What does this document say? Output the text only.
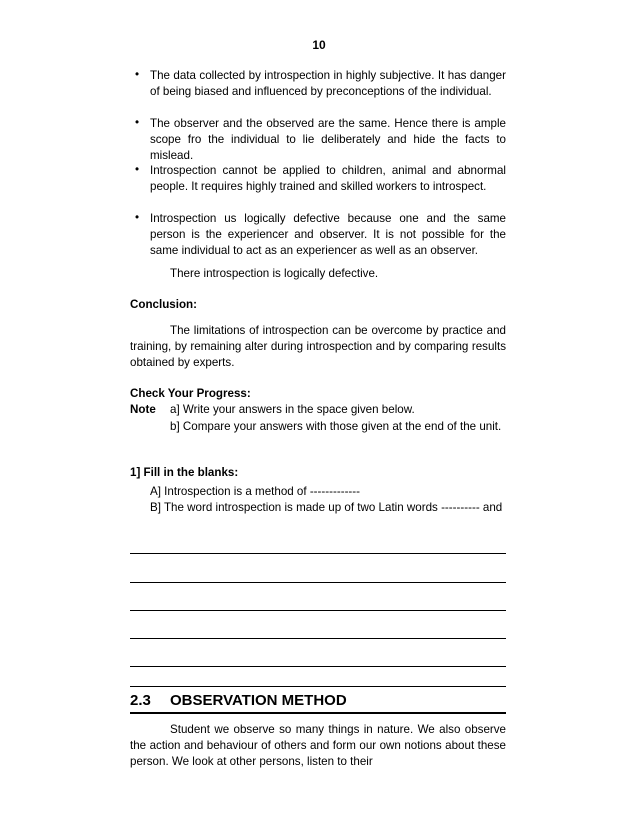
10
• The data collected by introspection in highly subjective. It has danger of being biased and influenced by preconceptions of the individual.
• The observer and the observed are the same. Hence there is ample scope fro the individual to lie deliberately and hide the facts to mislead.
• Introspection cannot be applied to children, animal and abnormal people. It requires highly trained and skilled workers to introspect.
• Introspection us logically defective because one and the same person is the experiencer and observer. It is not possible for the same individual to act as an experiencer as well as an observer.
There introspection is logically defective.
Conclusion:
The limitations of introspection can be overcome by practice and training, by remaining alter during introspection and by comparing results obtained by experts.
Check Your Progress:
Note a] Write your answers in the space given below.
b] Compare your answers with those given at the end of the unit.
1] Fill in the blanks:
A] Introspection is a method of -------------
B] The word introspection is made up of two Latin words ---------- and
2.3 OBSERVATION METHOD
Student we observe so many things in nature. We also observe the action and behaviour of others and form our own notions about these person. We look at other persons, listen to their
